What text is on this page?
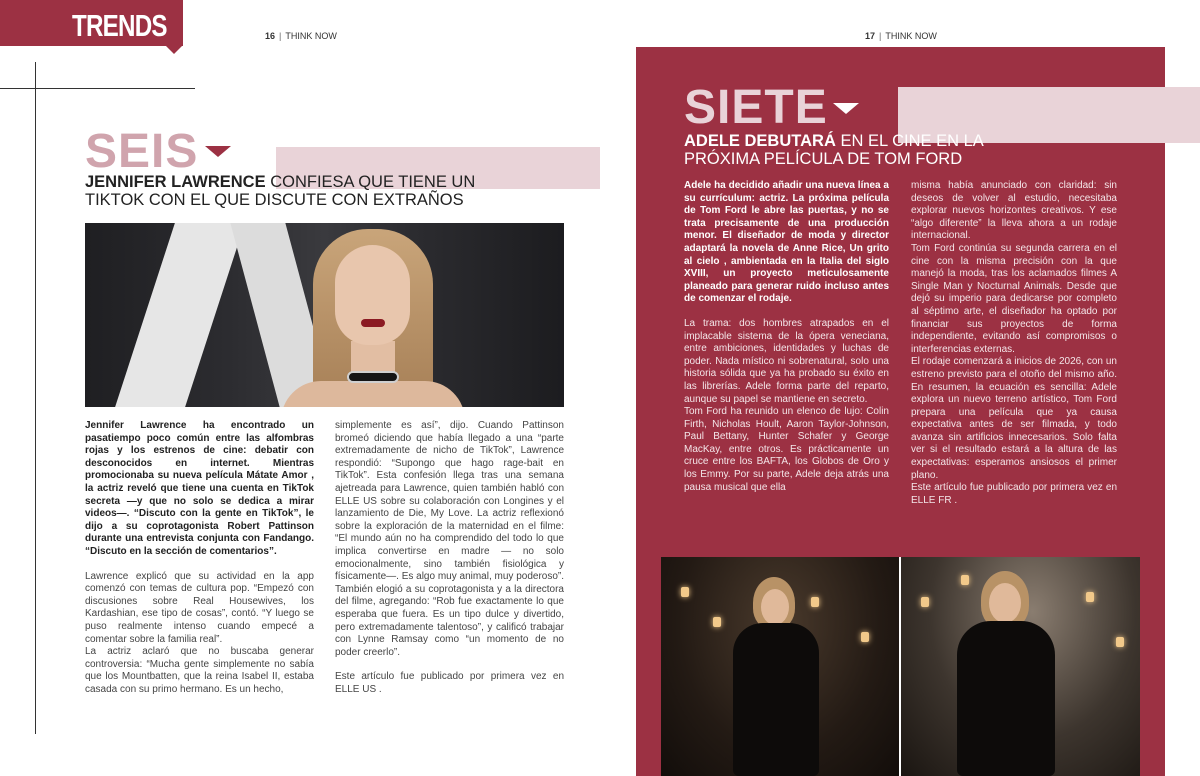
TRENDS	16 | THINK NOW	17 | THINK NOW
SEIS
JENNIFER LAWRENCE CONFIESA QUE TIENE UN TIKTOK CON EL QUE DISCUTE CON EXTRAÑOS

Jennifer Lawrence ha encontrado un pasatiempo poco común entre las alfombras rojas y los estrenos de cine: debatir con desconocidos en internet. Mientras promocionaba su nueva película Mátate Amor , la actriz reveló que tiene una cuenta en TikTok secreta —y que no solo se dedica a mirar videos—. “Discuto con la gente en TikTok”, le dijo a su coprotagonista Robert Pattinson durante una entrevista conjunta con Fandango. “Discuto en la sección de comentarios”.

Lawrence explicó que su actividad en la app comenzó con temas de cultura pop. “Empezó con discusiones sobre Real Housewives, los Kardashian, ese tipo de cosas”, contó. “Y luego se puso realmente intenso cuando empecé a comentar sobre la familia real”.

La actriz aclaró que no buscaba generar controversia: “Mucha gente simplemente no sabía que los Mountbatten, que la reina Isabel II, estaba casada con su primo hermano. Es un hecho,

simplemente es así”, dijo. Cuando Pattinson bromeó diciendo que había llegado a una “parte extremadamente de nicho de TikTok”, Lawrence respondió: “Supongo que hago rage-bait en TikTok”. Esta confesión llega tras una semana ajetreada para Lawrence, quien también habló con ELLE US sobre su colaboración con Longines y el lanzamiento de Die, My Love. La actriz reflexionó sobre la exploración de la maternidad en el filme: “El mundo aún no ha comprendido del todo lo que implica convertirse en madre — no solo emocionalmente, sino también fisiológica y físicamente—. Es algo muy animal, muy poderoso”. También elogió a su coprotagonista y a la directora del filme, agregando: “Rob fue exactamente lo que esperaba que fuera. Es un tipo dulce y divertido, pero extremadamente talentoso”, y calificó trabajar con Lynne Ramsay como “un momento de no poder creerlo”.

Este artículo fue publicado por primera vez en ELLE US .

SIETE
ADELE DEBUTARÁ EN EL CINE EN LA PRÓXIMA PELÍCULA DE TOM FORD

Adele ha decidido añadir una nueva línea a su currículum: actriz. La próxima película de Tom Ford le abre las puertas, y no se trata precisamente de una producción menor. El diseñador de moda y director adaptará la novela de Anne Rice, Un grito al cielo , ambientada en la Italia del siglo XVIII, un proyecto meticulosamente planeado para generar ruido incluso antes de comenzar el rodaje.

La trama: dos hombres atrapados en el implacable sistema de la ópera veneciana, entre ambiciones, identidades y luchas de poder. Nada místico ni sobrenatural, solo una historia sólida que ya ha probado su éxito en las librerías. Adele forma parte del reparto, aunque su papel se mantiene en secreto.

Tom Ford ha reunido un elenco de lujo: Colin Firth, Nicholas Hoult, Aaron Taylor-Johnson, Paul Bettany, Hunter Schafer y George MacKay, entre otros. Es prácticamente un cruce entre los BAFTA, los Globos de Oro y los Emmy. Por su parte, Adele deja atrás una pausa musical que ella

misma había anunciado con claridad: sin deseos de volver al estudio, necesitaba explorar nuevos horizontes creativos. Y ese “algo diferente” la lleva ahora a un rodaje internacional.

Tom Ford continúa su segunda carrera en el cine con la misma precisión con la que manejó la moda, tras los aclamados filmes A Single Man y Nocturnal Animals. Desde que dejó su imperio para dedicarse por completo al séptimo arte, el diseñador ha optado por financiar sus proyectos de forma independiente, evitando así compromisos o interferencias externas.

El rodaje comenzará a inicios de 2026, con un estreno previsto para el otoño del mismo año. En resumen, la ecuación es sencilla: Adele explora un nuevo terreno artístico, Tom Ford prepara una película que ya causa expectativa antes de ser filmada, y todo avanza sin artificios innecesarios. Solo falta ver si el resultado estará a la altura de las expectativas: esperamos ansiosos el primer plano.

Este artículo fue publicado por primera vez en ELLE FR .
